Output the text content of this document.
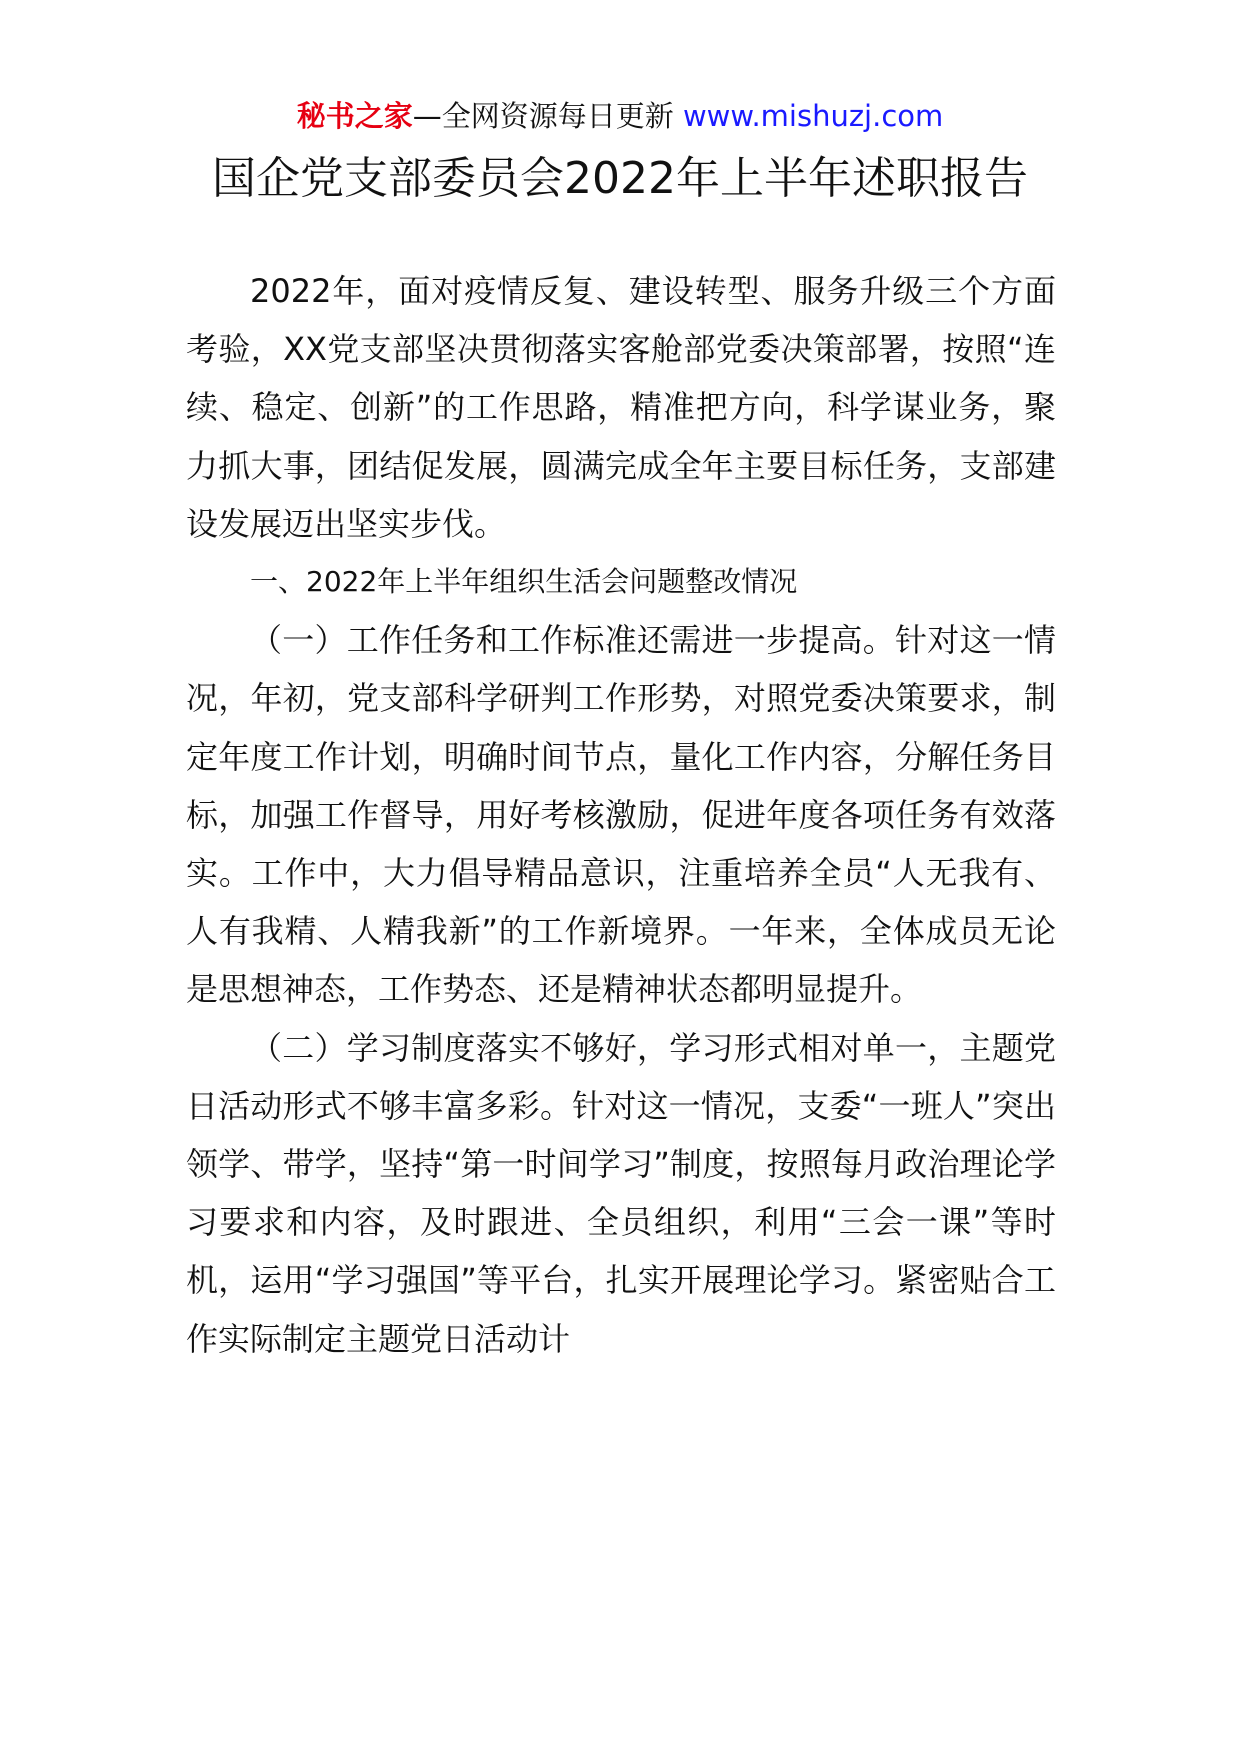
秘书之家—全网资源每日更新 www.mishuzj.com
国企党支部委员会2022年上半年述职报告

2022年，面对疫情反复、建设转型、服务升级三个方面考验，XX党支部坚决贯彻落实客舱部党委决策部署，按照“连续、稳定、创新”的工作思路，精准把方向，科学谋业务，聚力抓大事，团结促发展，圆满完成全年主要目标任务，支部建设发展迈出坚实步伐。

一、2022年上半年组织生活会问题整改情况

（一）工作任务和工作标准还需进一步提高。针对这一情况，年初，党支部科学研判工作形势，对照党委决策要求，制定年度工作计划，明确时间节点，量化工作内容，分解任务目标，加强工作督导，用好考核激励，促进年度各项任务有效落实。工作中，大力倡导精品意识，注重培养全员“人无我有、人有我精、人精我新”的工作新境界。一年来，全体成员无论是思想神态，工作势态、还是精神状态都明显提升。

（二）学习制度落实不够好，学习形式相对单一，主题党日活动形式不够丰富多彩。针对这一情况，支委“一班人”突出领学、带学，坚持“第一时间学习”制度，按照每月政治理论学习要求和内容，及时跟进、全员组织，利用“三会一课”等时机，运用“学习强国”等平台，扎实开展理论学习。紧密贴合工作实际制定主题党日活动计
